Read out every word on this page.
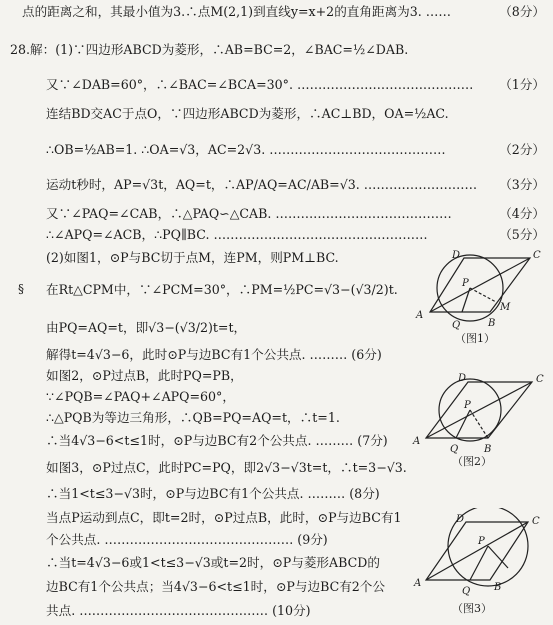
点的距离之和，其最小值为3.∴点M(2,1)到直线y=x+2的直角距离为3. ……	（8分）
28.解：(1)∵四边形ABCD为菱形，∴AB=BC=2，∠BAC=½∠DAB.
又∵∠DAB=60°，∴∠BAC=∠BCA=30°. …………………………………… （1分）
连结BD交AC于点O，∵四边形ABCD为菱形，∴AC⊥BD，OA=½AC.
∴OB=½AB=1. ∴OA=√3，AC=2√3. ……………………………………	（2分）
运动t秒时，AP=√3t，AQ=t，∴AP/AQ=AC/AB=√3. ……………………… （3分）
又∵∠PAQ=∠CAB，∴△PAQ∽△CAB. ……………………………………	（4分）
∴∠APQ=∠ACB，∴PQ∥BC. ……………………………………………	（5分）
(2)如图1，⊙P与BC切于点M，连PM，则PM⊥BC.
在Rt△CPM中，∵∠PCM=30°，∴PM=½PC=√3−(√3/2)t.
由PQ=AQ=t，即√3−(√3/2)t=t，
解得t=4√3−6，此时⊙P与边BC有1个公共点. ……… (6分)
如图2，⊙P过点B，此时PQ=PB，
∵∠PQB=∠PAQ+∠APQ=60°，
∴△PQB为等边三角形，∴QB=PQ=AQ=t，∴t=1.
∴当4√3−6<t≤1时，⊙P与边BC有2个公共点. ……… (7分)
如图3，⊙P过点C，此时PC=PQ，即2√3−√3t=t，∴t=3−√3.
∴当1<t≤3−√3时，⊙P与边BC有1个公共点. ……… (8分)
当点P运动到点C，即t=2时，⊙P过点B，此时，⊙P与边BC有1
个公共点. ……………………………………… (9分)
∴当t=4√3−6或1<t≤3−√3或t=2时，⊙P与菱形ABCD的
边BC有1个公共点；当4√3−6<t≤1时，⊙P与边BC有2个公
共点. ……………………………………… (10分)
§
D	C
A
B
P
Q
M
（图1）
D	C
A
B
P
Q
（图2）
D	C
A	B
P
Q
（图3）
